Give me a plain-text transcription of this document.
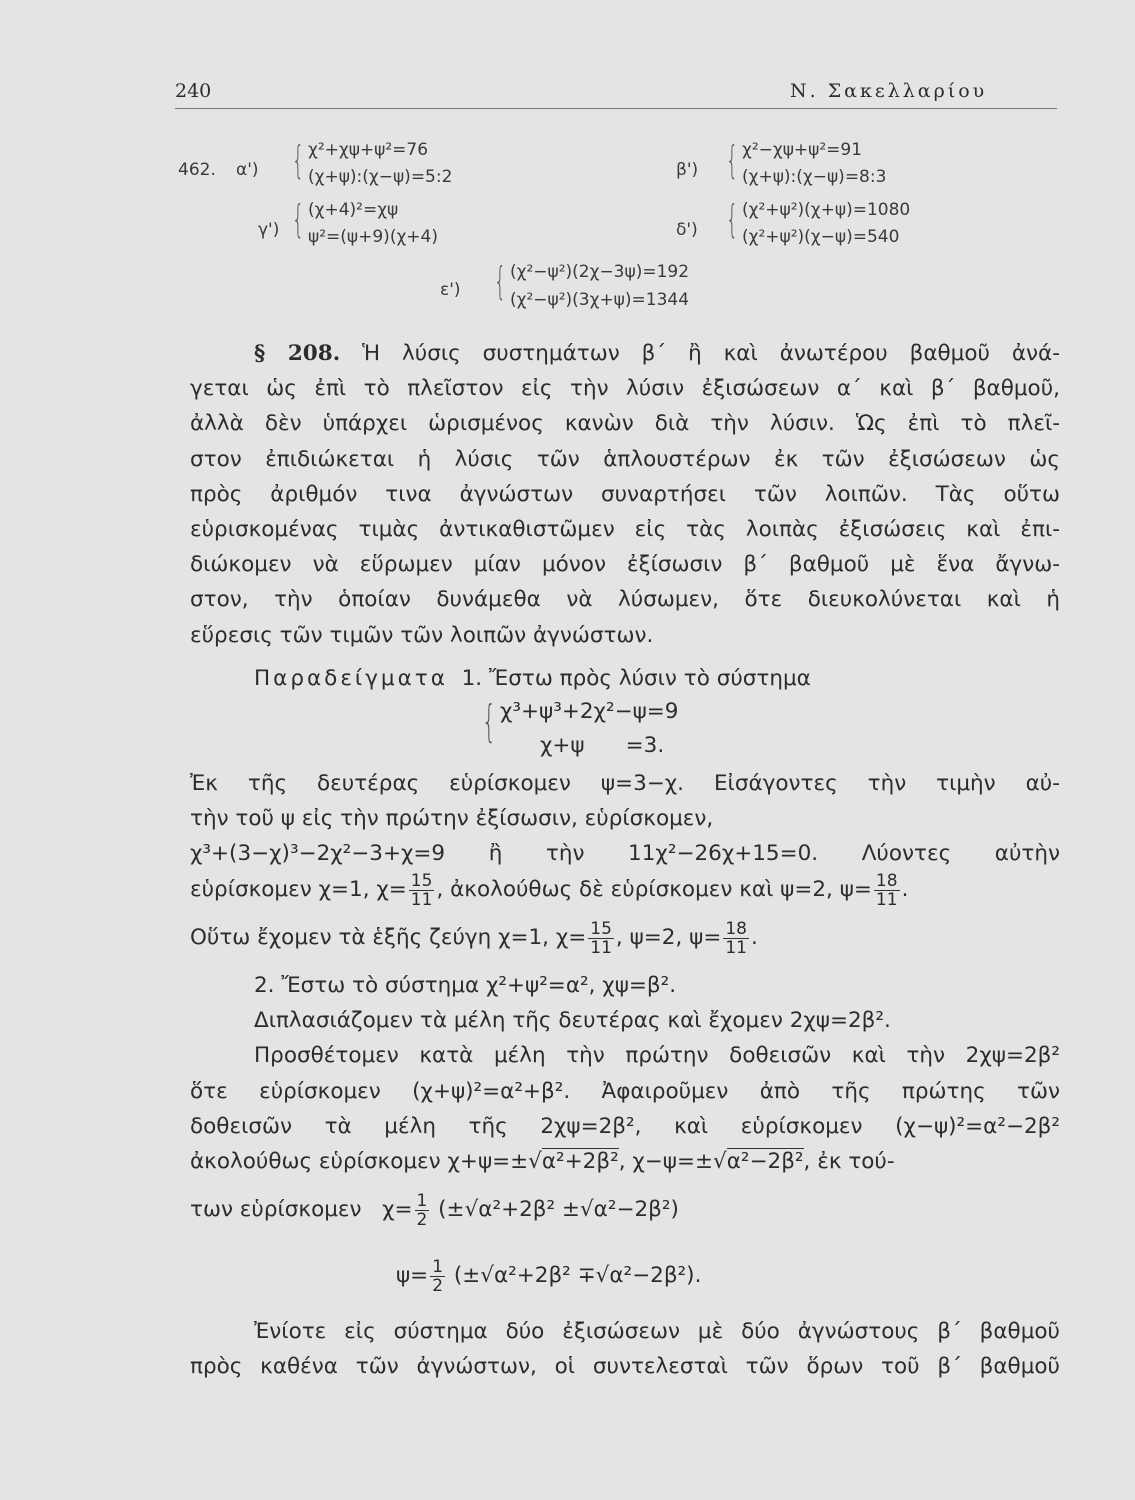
240	Ν. Σακελλαρίου
462. α') { χ²+χψ+ψ²=76
(χ+ψ):(χ−ψ)=5:2	β') { χ²−χψ+ψ²=91
(χ+ψ):(χ−ψ)=8:3
γ') { (χ+4)²=χψ
ψ²=(ψ+9)(χ+4)	δ') { (χ²+ψ²)(χ+ψ)=1080
(χ²+ψ²)(χ−ψ)=540
ε') { (χ²−ψ²)(2χ−3ψ)=192
(χ²−ψ²)(3χ+ψ)=1344
§ 208. Ἡ λύσις συστημάτων β΄ ἢ καὶ ἀνωτέρου βαθμοῦ ἀνά-
γεται ὡς ἐπὶ τὸ πλεῖστον εἰς τὴν λύσιν ἐξισώσεων α΄ καὶ β΄ βαθμοῦ,
ἀλλὰ δὲν ὑπάρχει ὡρισμένος κανὼν διὰ τὴν λύσιν. Ὡς ἐπὶ τὸ πλεῖ-
στον ἐπιδιώκεται ἡ λύσις τῶν ἁπλουστέρων ἐκ τῶν ἐξισώσεων ὡς
πρὸς ἀριθμόν τινα ἀγνώστων συναρτήσει τῶν λοιπῶν. Τὰς οὕτω
εὑρισκομένας τιμὰς ἀντικαθιστῶμεν εἰς τὰς λοιπὰς ἐξισώσεις καὶ ἐπι-
διώκομεν νὰ εὕρωμεν μίαν μόνον ἐξίσωσιν β΄ βαθμοῦ μὲ ἕνα ἄγνω-
στον, τὴν ὁποίαν δυνάμεθα νὰ λύσωμεν, ὅτε διευκολύνεται καὶ ἡ
εὕρεσις τῶν τιμῶν τῶν λοιπῶν ἀγνώστων.
Παραδείγματα 1. Ἔστω πρὸς λύσιν τὸ σύστημα
{ χ³+ψ³+2χ²−ψ=9
χ+ψ      =3.
Ἐκ τῆς δευτέρας εὑρίσκομεν ψ=3−χ. Εἰσάγοντες τὴν τιμὴν αὐ-
τὴν τοῦ ψ εἰς τὴν πρώτην ἐξίσωσιν, εὑρίσκομεν,
χ³+(3−χ)³−2χ²−3+χ=9 ἢ τὴν 11χ²−26χ+15=0. Λύοντες αὐτὴν
εὑρίσκομεν χ=1, $\chi= \frac{15}{11}$ , ἀκολούθως δὲ εὑρίσκομεν καὶ ψ=2, $\psi= \frac{18}{11}$ .
Οὕτω ἔχομεν τὰ ἑξῆς ζεύγη χ=1, $\chi= \frac{15}{11}$ , ψ=2, $\psi= \frac{18}{11}$ .
2. Ἔστω τὸ σύστημα χ²+ψ²=α², χψ=β².
Διπλασιάζομεν τὰ μέλη τῆς δευτέρας καὶ ἔχομεν 2χψ=2β².
Προσθέτομεν κατὰ μέλη τὴν πρώτην δοθεισῶν καὶ τὴν 2χψ=2β²
ὅτε εὑρίσκομεν (χ+ψ)²=α²+β². Ἀφαιροῦμεν ἀπὸ τῆς πρώτης τῶν
δοθεισῶν τὰ μέλη τῆς 2χψ=2β², καὶ εὑρίσκομεν (χ−ψ)²=α²−2β²
ἀκολούθως εὑρίσκομεν χ+ψ=±√α²+2β², χ−ψ=±√α²−2β², ἐκ τού-
των εὑρίσκομεν $\chi= \frac{1}{2} (\pm√\alpha^2+2\beta^2 \pm√\alpha^2-2\beta^2)$
$\psi= \frac{1}{2} (\pm√\alpha^2+2\beta^2 \mp√\alpha^2-2\beta^2)$.
Ἐνίοτε εἰς σύστημα δύο ἐξισώσεων μὲ δύο ἀγνώστους β΄ βαθμοῦ
πρὸς καθένα τῶν ἀγνώστων, οἱ συντελεσταὶ τῶν ὅρων τοῦ β΄ βαθμοῦ
